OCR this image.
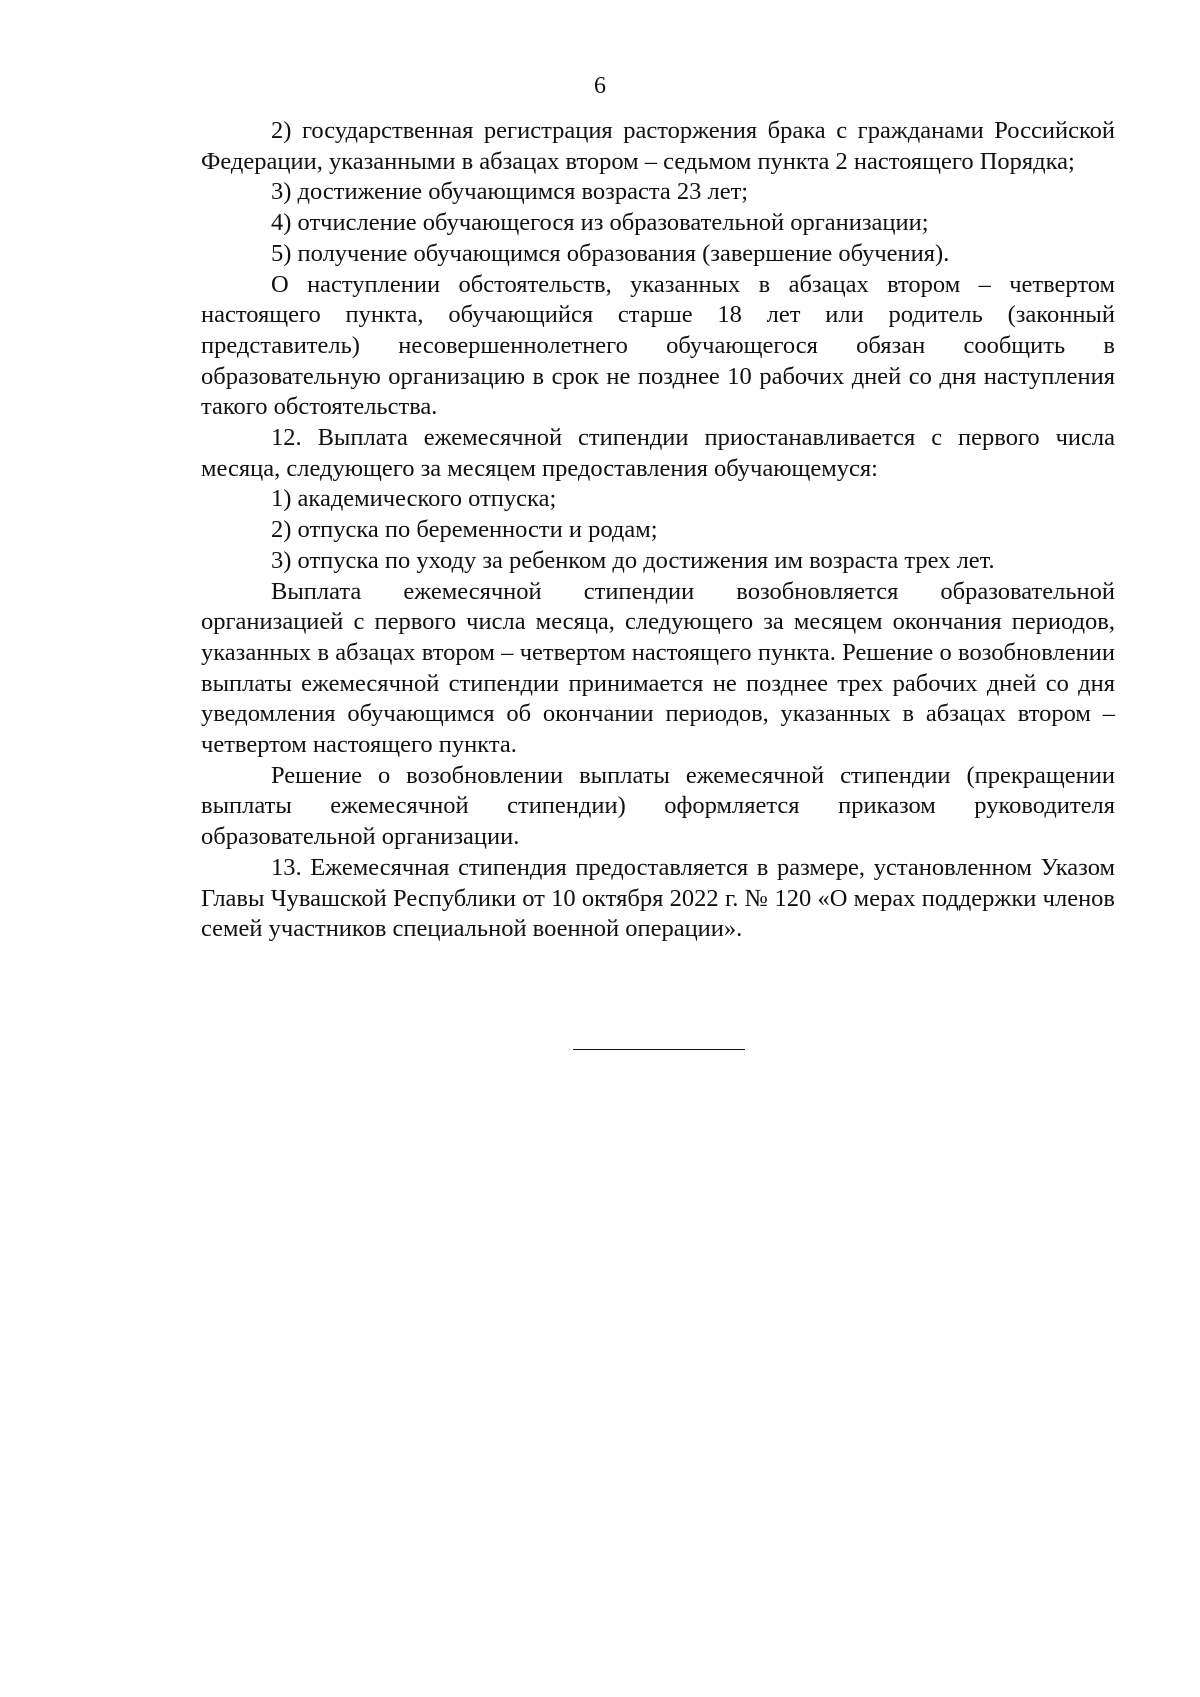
6

2) государственная регистрация расторжения брака с гражданами Российской Федерации, указанными в абзацах втором – седьмом пункта 2 настоящего Порядка;

3) достижение обучающимся возраста 23 лет;

4) отчисление обучающегося из образовательной организации;

5) получение обучающимся образования (завершение обучения).

О наступлении обстоятельств, указанных в абзацах втором – четвертом настоящего пункта, обучающийся старше 18 лет или родитель (законный представитель) несовершеннолетнего обучающегося обязан сообщить в образовательную организацию в срок не позднее 10 рабочих дней со дня наступления такого обстоятельства.

12. Выплата ежемесячной стипендии приостанавливается с первого числа месяца, следующего за месяцем предоставления обучающемуся:

1) академического отпуска;

2) отпуска по беременности и родам;

3) отпуска по уходу за ребенком до достижения им возраста трех лет.

Выплата ежемесячной стипендии возобновляется образовательной организацией с первого числа месяца, следующего за месяцем окончания периодов, указанных в абзацах втором – четвертом настоящего пункта. Решение о возобновлении выплаты ежемесячной стипендии принимается не позднее трех рабочих дней со дня уведомления обучающимся об окончании периодов, указанных в абзацах втором – четвертом настоящего пункта.

Решение о возобновлении выплаты ежемесячной стипендии (прекращении выплаты ежемесячной стипендии) оформляется приказом руководителя образовательной организации.

13. Ежемесячная стипендия предоставляется в размере, установленном Указом Главы Чувашской Республики от 10 октября 2022 г. № 120 «О мерах поддержки членов семей участников специальной военной операции».
